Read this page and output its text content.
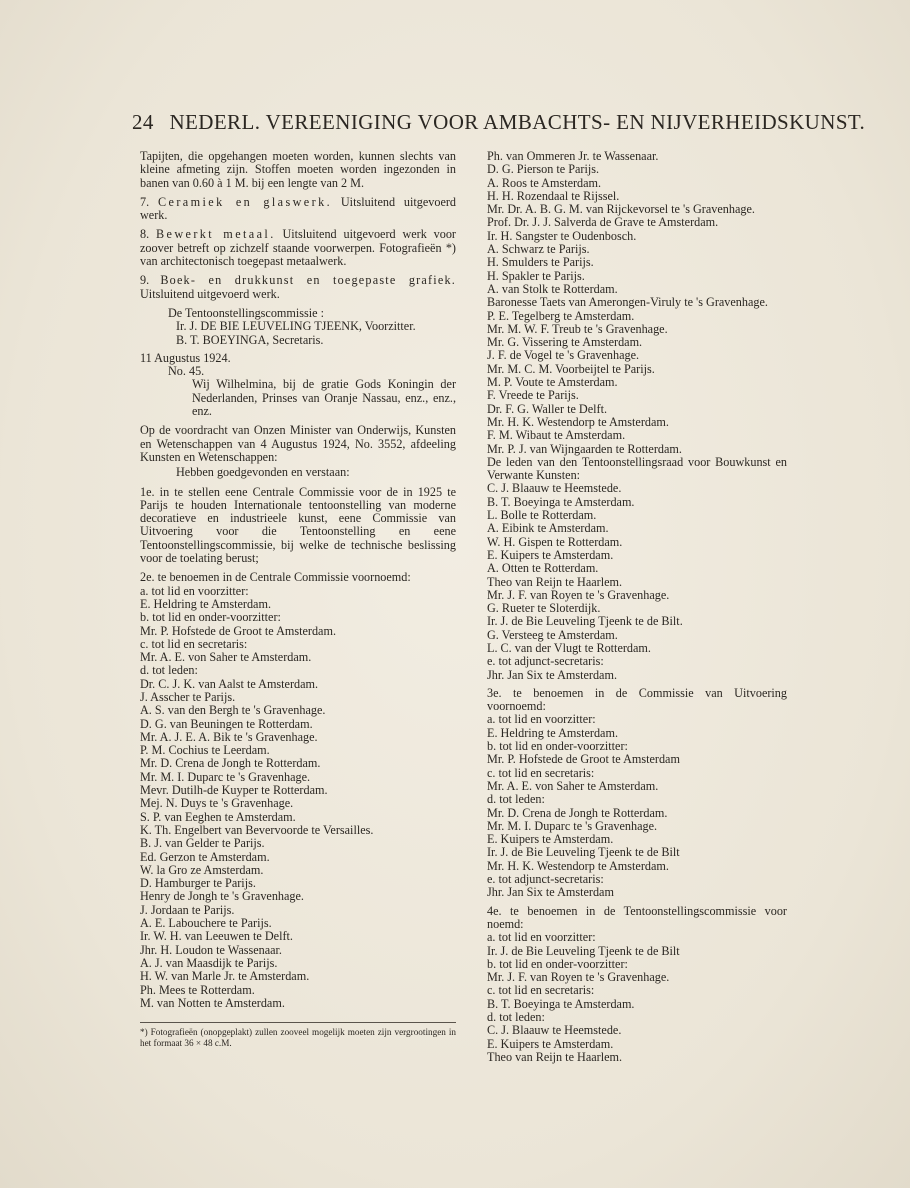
24 NEDERL. VEREENIGING VOOR AMBACHTS- EN NIJVERHEIDSKUNST.

Tapijten, die opgehangen moeten worden, kunnen slechts van kleine afmeting zijn. Stoffen moeten worden ingezonden in banen van 0.60 à 1 M. bij een lengte van 2 M.

7. Ceramiek en glaswerk. Uitsluitend uitgevoerd werk.

8. Bewerkt metaal. Uitsluitend uitgevoerd werk voor zoover betreft op zichzelf staande voorwerpen. Fotografieën *) van architectonisch toegepast metaalwerk.

9. Boek- en drukkunst en toegepaste grafiek. Uitsluitend uitgevoerd werk.

De Tentoonstellingscommissie :

Ir. J. DE BIE LEUVELING TJEENK, Voorzitter.

B. T. BOEYINGA, Secretaris.

11 Augustus 1924.

No. 45.

Wij Wilhelmina, bij de gratie Gods Koningin der Nederlanden, Prinses van Oranje Nassau, enz., enz., enz.

Op de voordracht van Onzen Minister van Onderwijs, Kunsten en Wetenschappen van 4 Augustus 1924, No. 3552, afdeeling Kunsten en Wetenschappen:

Hebben goedgevonden en verstaan:

1e. in te stellen eene Centrale Commissie voor de in 1925 te Parijs te houden Internationale tentoonstelling van moderne decoratieve en industrieele kunst, eene Commissie van Uitvoering voor die Tentoonstelling en eene Tentoonstellingscommissie, bij welke de technische beslissing voor de toelating berust;

2e. te benoemen in de Centrale Commissie voornoemd:

a. tot lid en voorzitter:

E. Heldring te Amsterdam.

b. tot lid en onder-voorzitter:

Mr. P. Hofstede de Groot te Amsterdam.

c. tot lid en secretaris:

Mr. A. E. von Saher te Amsterdam.

d. tot leden:

Dr. C. J. K. van Aalst te Amsterdam.

J. Asscher te Parijs.

A. S. van den Bergh te 's Gravenhage.

D. G. van Beuningen te Rotterdam.

Mr. A. J. E. A. Bik te 's Gravenhage.

P. M. Cochius te Leerdam.

Mr. D. Crena de Jongh te Rotterdam.

Mr. M. I. Duparc te 's Gravenhage.

Mevr. Dutilh-de Kuyper te Rotterdam.

Mej. N. Duys te 's Gravenhage.

S. P. van Eeghen te Amsterdam.

K. Th. Engelbert van Bevervoorde te Versailles.

B. J. van Gelder te Parijs.

Ed. Gerzon te Amsterdam.

W. la Gro ze Amsterdam.

D. Hamburger te Parijs.

Henry de Jongh te 's Gravenhage.

J. Jordaan te Parijs.

A. E. Labouchere te Parijs.

Ir. W. H. van Leeuwen te Delft.

Jhr. H. Loudon te Wassenaar.

A. J. van Maasdijk te Parijs.

H. W. van Marle Jr. te Amsterdam.

Ph. Mees te Rotterdam.

M. van Notten te Amsterdam.

*) Fotografieën (onopgeplakt) zullen zooveel mogelijk moeten zijn vergrootingen in het formaat 36 × 48 c.M.

Ph. van Ommeren Jr. te Wassenaar.

D. G. Pierson te Parijs.

A. Roos te Amsterdam.

H. H. Rozendaal te Rijssel.

Mr. Dr. A. B. G. M. van Rijckevorsel te 's Gravenhage.

Prof. Dr. J. J. Salverda de Grave te Amsterdam.

Ir. H. Sangster te Oudenbosch.

A. Schwarz te Parijs.

H. Smulders te Parijs.

H. Spakler te Parijs.

A. van Stolk te Rotterdam.

Baronesse Taets van Amerongen-Viruly te 's Gravenhage.

P. E. Tegelberg te Amsterdam.

Mr. M. W. F. Treub te 's Gravenhage.

Mr. G. Vissering te Amsterdam.

J. F. de Vogel te 's Gravenhage.

Mr. M. C. M. Voorbeijtel te Parijs.

M. P. Voute te Amsterdam.

F. Vreede te Parijs.

Dr. F. G. Waller te Delft.

Mr. H. K. Westendorp te Amsterdam.

F. M. Wibaut te Amsterdam.

Mr. P. J. van Wijngaarden te Rotterdam.

De leden van den Tentoonstellingsraad voor Bouwkunst en Verwante Kunsten:

C. J. Blaauw te Heemstede.

B. T. Boeyinga te Amsterdam.

L. Bolle te Rotterdam.

A. Eibink te Amsterdam.

W. H. Gispen te Rotterdam.

E. Kuipers te Amsterdam.

A. Otten te Rotterdam.

Theo van Reijn te Haarlem.

Mr. J. F. van Royen te 's Gravenhage.

G. Rueter te Sloterdijk.

Ir. J. de Bie Leuveling Tjeenk te de Bilt.

G. Versteeg te Amsterdam.

L. C. van der Vlugt te Rotterdam.

e. tot adjunct-secretaris:

Jhr. Jan Six te Amsterdam.

3e. te benoemen in de Commissie van Uitvoering voornoemd:

a. tot lid en voorzitter:

E. Heldring te Amsterdam.

b. tot lid en onder-voorzitter:

Mr. P. Hofstede de Groot te Amsterdam

c. tot lid en secretaris:

Mr. A. E. von Saher te Amsterdam.

d. tot leden:

Mr. D. Crena de Jongh te Rotterdam.

Mr. M. I. Duparc te 's Gravenhage.

E. Kuipers te Amsterdam.

Ir. J. de Bie Leuveling Tjeenk te de Bilt

Mr. H. K. Westendorp te Amsterdam.

e. tot adjunct-secretaris:

Jhr. Jan Six te Amsterdam

4e. te benoemen in de Tentoonstellingscommissie voor noemd:

a. tot lid en voorzitter:

Ir. J. de Bie Leuveling Tjeenk te de Bilt

b. tot lid en onder-voorzitter:

Mr. J. F. van Royen te 's Gravenhage.

c. tot lid en secretaris:

B. T. Boeyinga te Amsterdam.

d. tot leden:

C. J. Blaauw te Heemstede.

E. Kuipers te Amsterdam.

Theo van Reijn te Haarlem.
